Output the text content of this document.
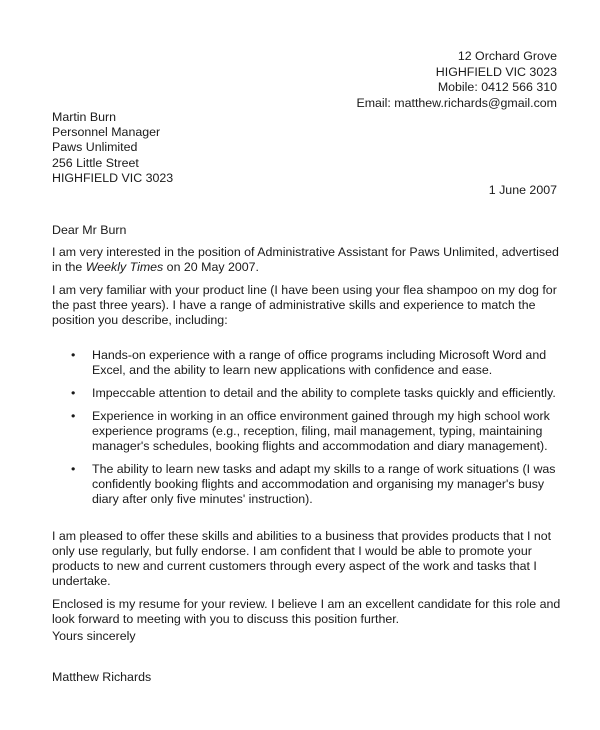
12 Orchard Grove
HIGHFIELD VIC 3023
Mobile: 0412 566 310
Email: matthew.richards@gmail.com
Martin Burn
Personnel Manager
Paws Unlimited
256 Little Street
HIGHFIELD VIC 3023
1 June 2007

Dear Mr Burn

I am very interested in the position of Administrative Assistant for Paws Unlimited, advertised in the Weekly Times on 20 May 2007.

I am very familiar with your product line (I have been using your flea shampoo on my dog for the past three years). I have a range of administrative skills and experience to match the position you describe, including:

• Hands-on experience with a range of office programs including Microsoft Word and Excel, and the ability to learn new applications with confidence and ease.
• Impeccable attention to detail and the ability to complete tasks quickly and efficiently.
• Experience in working in an office environment gained through my high school work experience programs (e.g., reception, filing, mail management, typing, maintaining manager's schedules, booking flights and accommodation and diary management).
• The ability to learn new tasks and adapt my skills to a range of work situations (I was confidently booking flights and accommodation and organising my manager's busy diary after only five minutes' instruction).

I am pleased to offer these skills and abilities to a business that provides products that I not only use regularly, but fully endorse. I am confident that I would be able to promote your products to new and current customers through every aspect of the work and tasks that I undertake.

Enclosed is my resume for your review. I believe I am an excellent candidate for this role and look forward to meeting with you to discuss this position further.

Yours sincerely
Matthew Richards
